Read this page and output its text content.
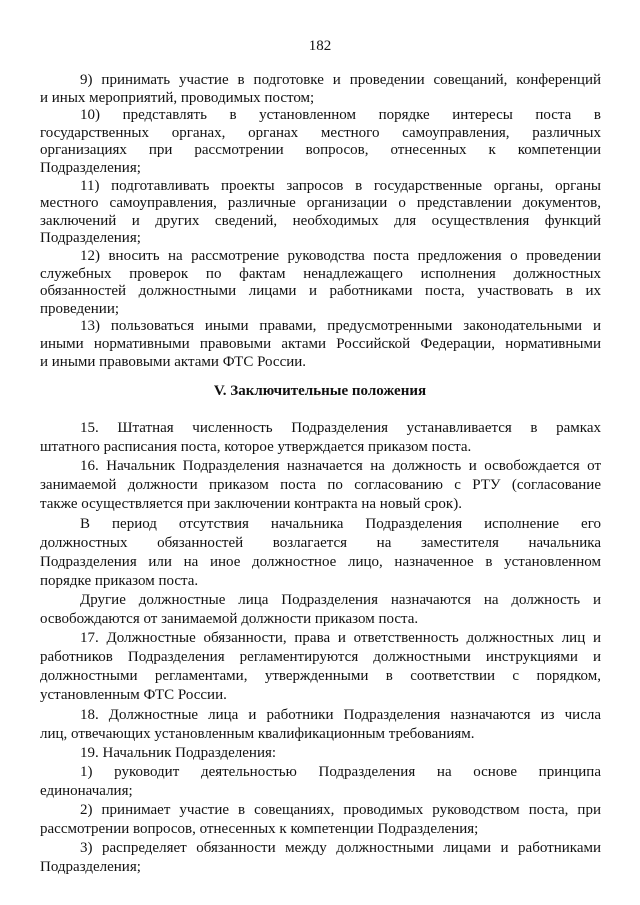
182
9) принимать участие в подготовке и проведении совещаний, конференций
и иных мероприятий, проводимых постом;
10) представлять в установленном порядке интересы поста в
государственных органах, органах местного самоуправления, различных
организациях при рассмотрении вопросов, отнесенных к компетенции
Подразделения;
11) подготавливать проекты запросов в государственные органы, органы
местного самоуправления, различные организации о представлении документов,
заключений и других сведений, необходимых для осуществления функций
Подразделения;
12) вносить на рассмотрение руководства поста предложения о проведении
служебных проверок по фактам ненадлежащего исполнения должностных
обязанностей должностными лицами и работниками поста, участвовать в их
проведении;
13) пользоваться иными правами, предусмотренными законодательными и
иными нормативными правовыми актами Российской Федерации, нормативными
и иными правовыми актами ФТС России.
V. Заключительные положения
15. Штатная численность Подразделения устанавливается в рамках
штатного расписания поста, которое утверждается приказом поста.
16. Начальник Подразделения назначается на должность и освобождается от
занимаемой должности приказом поста по согласованию с РТУ (согласование
также осуществляется при заключении контракта на новый срок).
В период отсутствия начальника Подразделения исполнение его
должностных обязанностей возлагается на заместителя начальника
Подразделения или на иное должностное лицо, назначенное в установленном
порядке приказом поста.
Другие должностные лица Подразделения назначаются на должность и
освобождаются от занимаемой должности приказом поста.
17. Должностные обязанности, права и ответственность должностных лиц и
работников Подразделения регламентируются должностными инструкциями и
должностными регламентами, утвержденными в соответствии с порядком,
установленным ФТС России.
18. Должностные лица и работники Подразделения назначаются из числа
лиц, отвечающих установленным квалификационным требованиям.
19. Начальник Подразделения:
1) руководит деятельностью Подразделения на основе принципа
единоначалия;
2) принимает участие в совещаниях, проводимых руководством поста, при
рассмотрении вопросов, отнесенных к компетенции Подразделения;
3) распределяет обязанности между должностными лицами и работниками
Подразделения;
